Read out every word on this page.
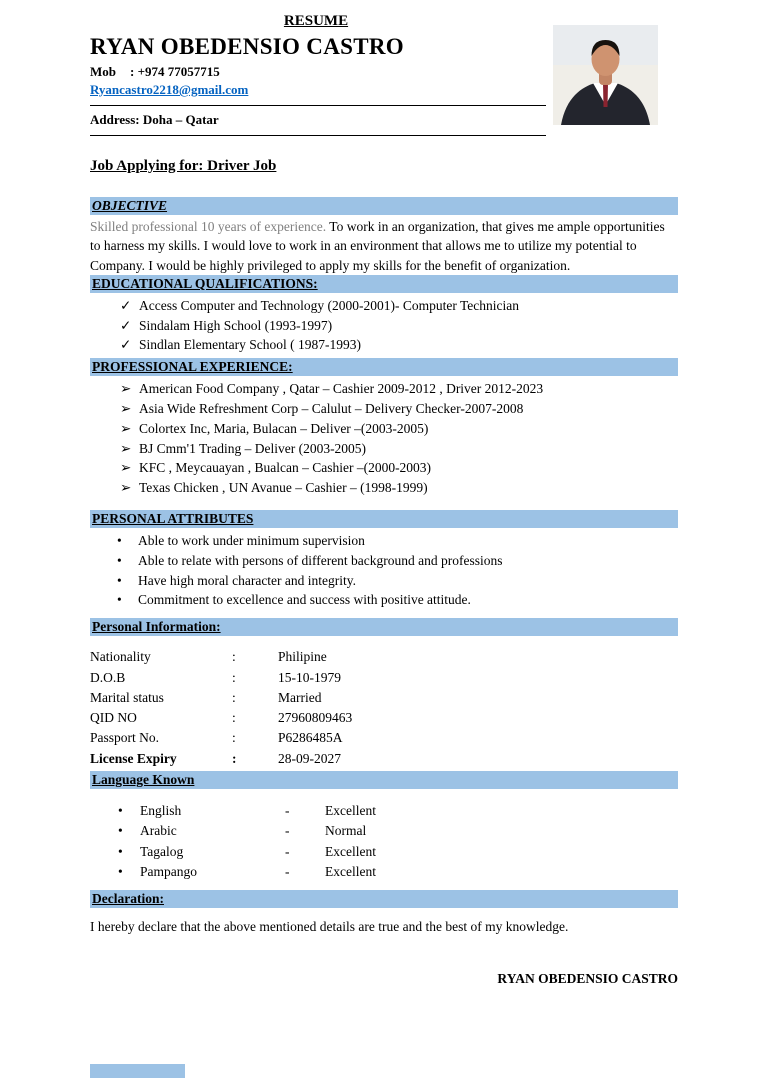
RESUME
RYAN OBEDENSIO CASTRO
Mob : +974 77057715
Ryancastro2218@gmail.com
Address: Doha – Qatar
Job Applying for: Driver Job
OBJECTIVE
Skilled professional 10 years of experience. To work in an organization, that gives me ample opportunities to harness my skills. I would love to work in an environment that allows me to utilize my potential to Company. I would be highly privileged to apply my skills for the benefit of organization.
EDUCATIONAL QUALIFICATIONS:
✓ Access Computer and Technology (2000-2001)- Computer Technician
✓ Sindalam High School (1993-1997)
✓ Sindlan Elementary School ( 1987-1993)
PROFESSIONAL EXPERIENCE:
➢ American Food Company , Qatar – Cashier 2009-2012 , Driver 2012-2023
➢ Asia Wide Refreshment Corp – Calulut – Delivery Checker-2007-2008
➢ Colortex Inc, Maria, Bulacan – Deliver –(2003-2005)
➢ BJ Cmm'1 Trading – Deliver (2003-2005)
➢ KFC , Meycauayan , Bualcan – Cashier –(2000-2003)
➢ Texas Chicken , UN Avanue – Cashier – (1998-1999)
PERSONAL ATTRIBUTES
•	Able to work under minimum supervision
•	Able to relate with persons of different background and professions
•	Have high moral character and integrity.
•	Commitment to excellence and success with positive attitude.
Personal Information:
Nationality	:	Philipine
D.O.B	:	15-10-1979
Marital status	:	Married
QID NO	:	27960809463
Passport No.	:	P6286485A
License Expiry	:	28-09-2027
Language Known
•	English	-	Excellent
•	Arabic	-	Normal
•	Tagalog	-	Excellent
•	Pampango	-	Excellent
Declaration:
I hereby declare that the above mentioned details are true and the best of my knowledge.
RYAN OBEDENSIO CASTRO
